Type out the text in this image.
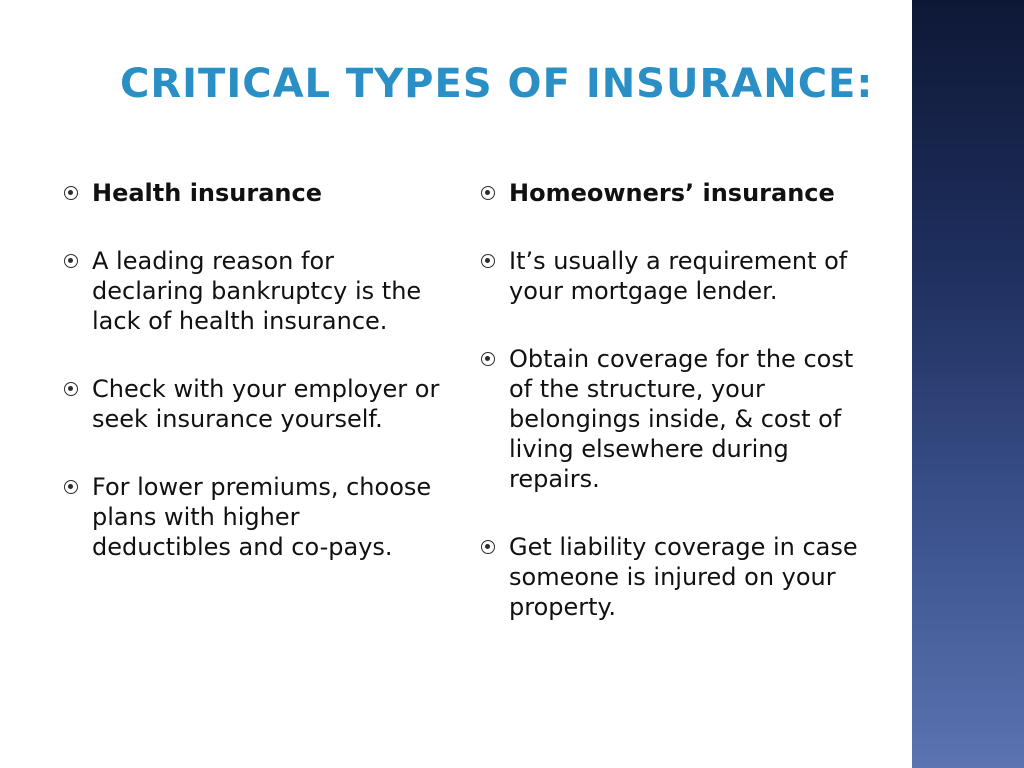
CRITICAL TYPES OF INSURANCE:
Health insurance
A leading reason for declaring bankruptcy is the lack of health insurance.
Check with your employer or seek insurance yourself.
For lower premiums, choose plans with higher deductibles and co-pays.
Homeowners’ insurance
It’s usually a requirement of your mortgage lender.
Obtain coverage for the cost of the structure, your belongings inside, & cost of living elsewhere during repairs.
Get liability coverage in case someone is injured on your property.
